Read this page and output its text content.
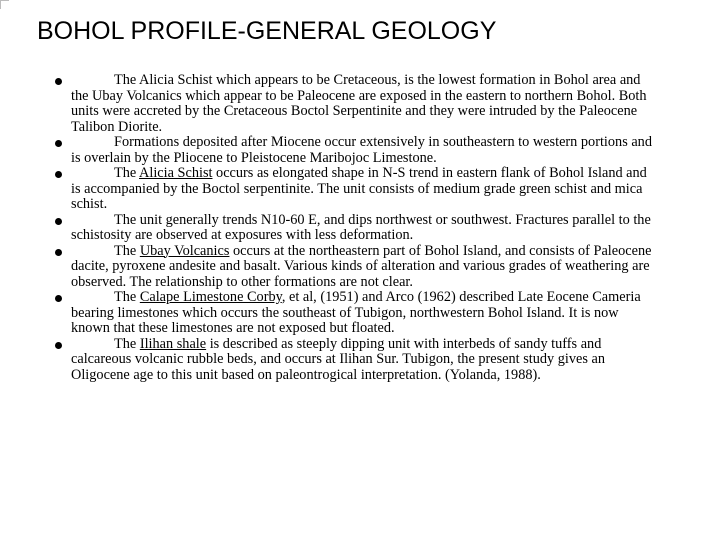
BOHOL PROFILE-GENERAL GEOLOGY
The Alicia Schist which appears to be Cretaceous, is the lowest formation in Bohol area and the Ubay Volcanics which appear to be Paleocene are exposed in the eastern to northern Bohol. Both units were accreted by the Cretaceous Boctol Serpentinite and they were intruded by the Paleocene Talibon Diorite.
Formations deposited after Miocene occur extensively in southeastern to western portions and is overlain by the Pliocene to Pleistocene Maribojoc Limestone.
The Alicia Schist occurs as elongated shape in N-S trend in eastern flank of Bohol Island and is accompanied by the Boctol serpentinite. The unit consists of medium grade green schist and mica schist.
The unit generally trends N10-60 E, and dips northwest or southwest. Fractures parallel to the schistosity are observed at exposures with less deformation.
The Ubay Volcanics occurs at the northeastern part of Bohol Island, and consists of Paleocene dacite, pyroxene andesite and basalt. Various kinds of alteration and various grades of weathering are observed. The relationship to other formations are not clear.
The Calape Limestone Corby, et al, (1951) and Arco (1962) described Late Eocene Cameria bearing limestones which occurs the southeast of Tubigon, northwestern Bohol Island. It is now known that these limestones are not exposed but floated.
The Ilihan shale is described as steeply dipping unit with interbeds of sandy tuffs and calcareous volcanic rubble beds, and occurs at Ilihan Sur. Tubigon, the present study gives an Oligocene age to this unit based on paleontrogical interpretation. (Yolanda, 1988).
